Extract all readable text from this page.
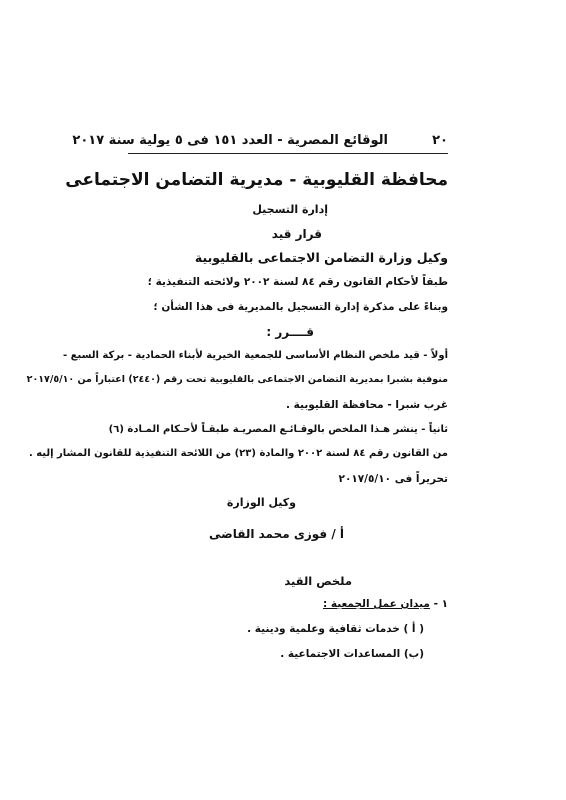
٢٠
الوقائع المصرية - العدد ١٥١ فى ٥ يولية سنة ٢٠١٧
محافظة القليوبية - مديرية التضامن الاجتماعى
إدارة التسجيل
قرار قيد
وكيل وزارة التضامن الاجتماعى بالقليوبية
طبقاً لأحكام القانون رقم ٨٤ لسنة ٢٠٠٢ ولائحته التنفيذية ؛
وبناءً على مذكرة إدارة التسجيل بالمديرية فى هذا الشأن ؛
قــــرر :
أولاً - قيد ملخص النظام الأساسى للجمعية الخيرية لأبناء الحمادية - بركة السبع -
منوفية بشبرا بمديرية التضامن الاجتماعى بالقليوبية تحت رقم (٢٤٤٠) اعتباراً من ٢٠١٧/٥/١٠
غرب شبرا - محافظة القليوبية .
ثانياً - ينشر هـذا الملخص بالوقـائـع المصريـة طبقـاً لأحـكام المـادة (٦)
من القانون رقم ٨٤ لسنة ٢٠٠٢ والمادة (٢٣) من اللائحة التنفيذية للقانون المشار إليه .
تحريراً فى ٢٠١٧/٥/١٠
وكيل الوزارة
أ / فوزى محمد القاضى
ملخص القيد
١ - ميدان عمل الجمعية :
( أ ) خدمات ثقافية وعلمية ودينية .
(ب) المساعدات الاجتماعية .
